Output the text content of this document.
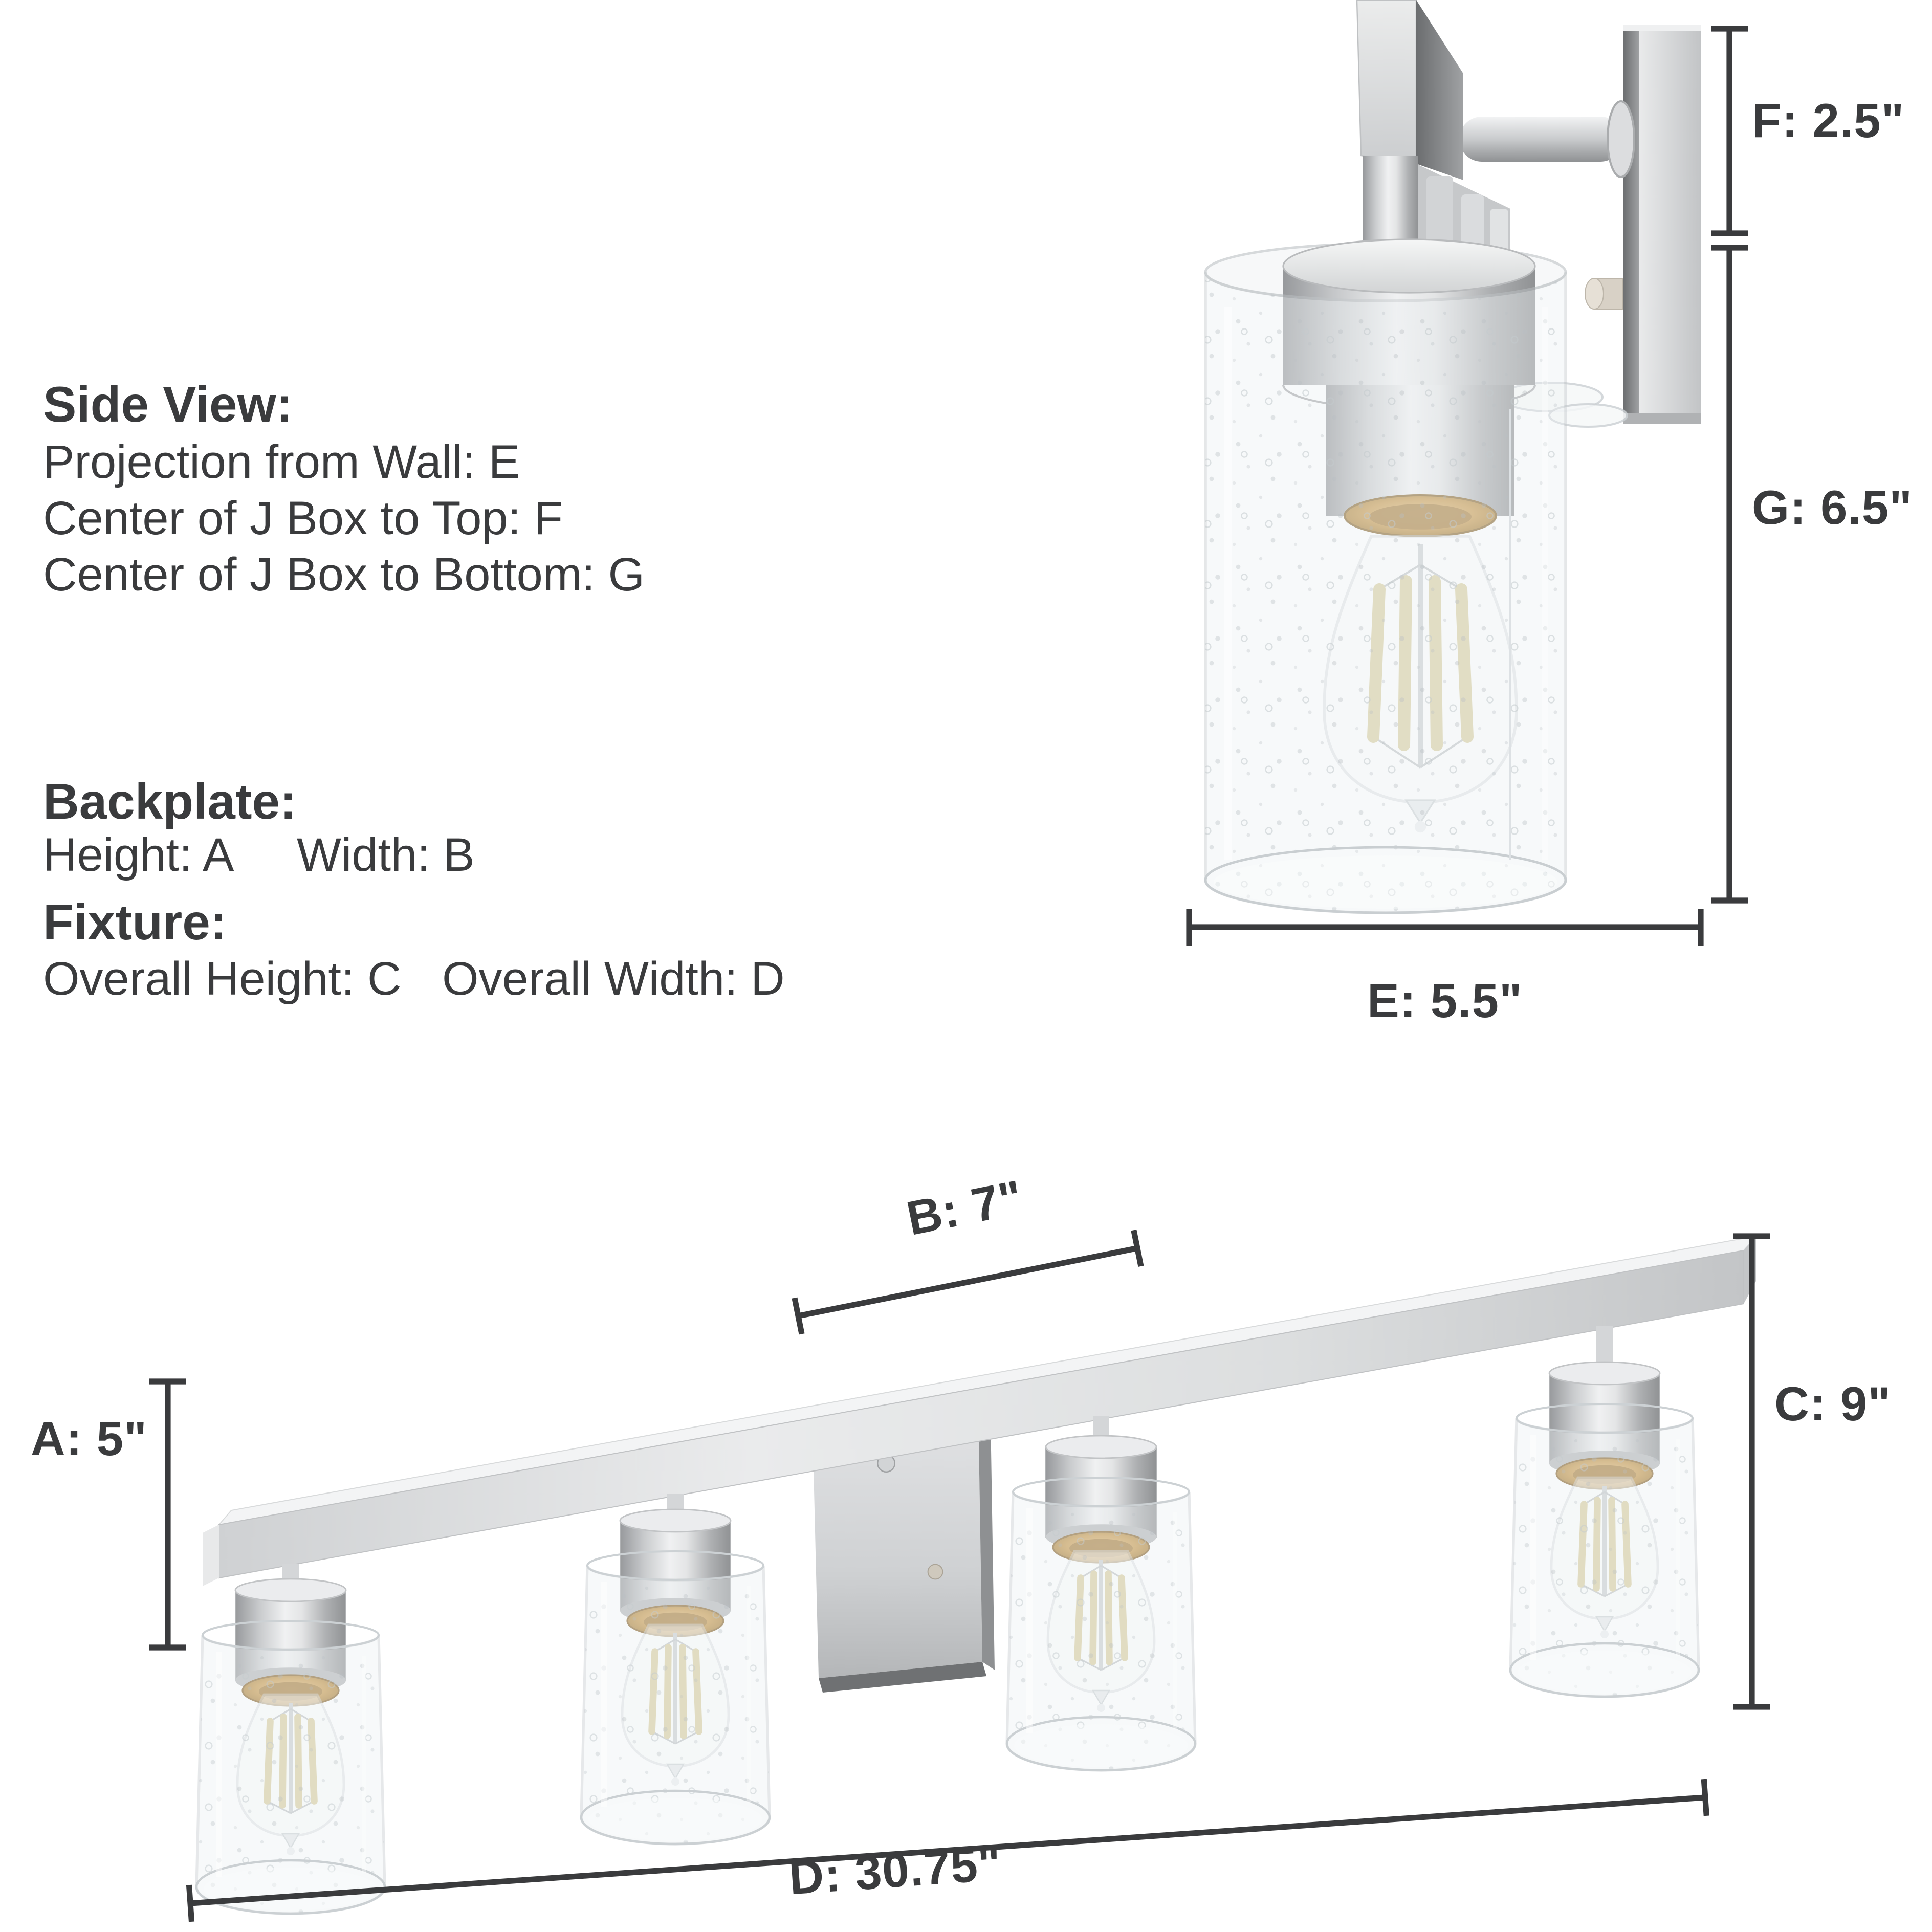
Side View:
Projection from Wall: E
Center of J Box to Top: F
Center of J Box to Bottom: G
Backplate:
Height: A	Width: B
Fixture:
Overall Height: C	Overall Width: D
F: 2.5"
G: 6.5"
E: 5.5"
A: 5"
C: 9"
B: 7"
D: 30.75"
